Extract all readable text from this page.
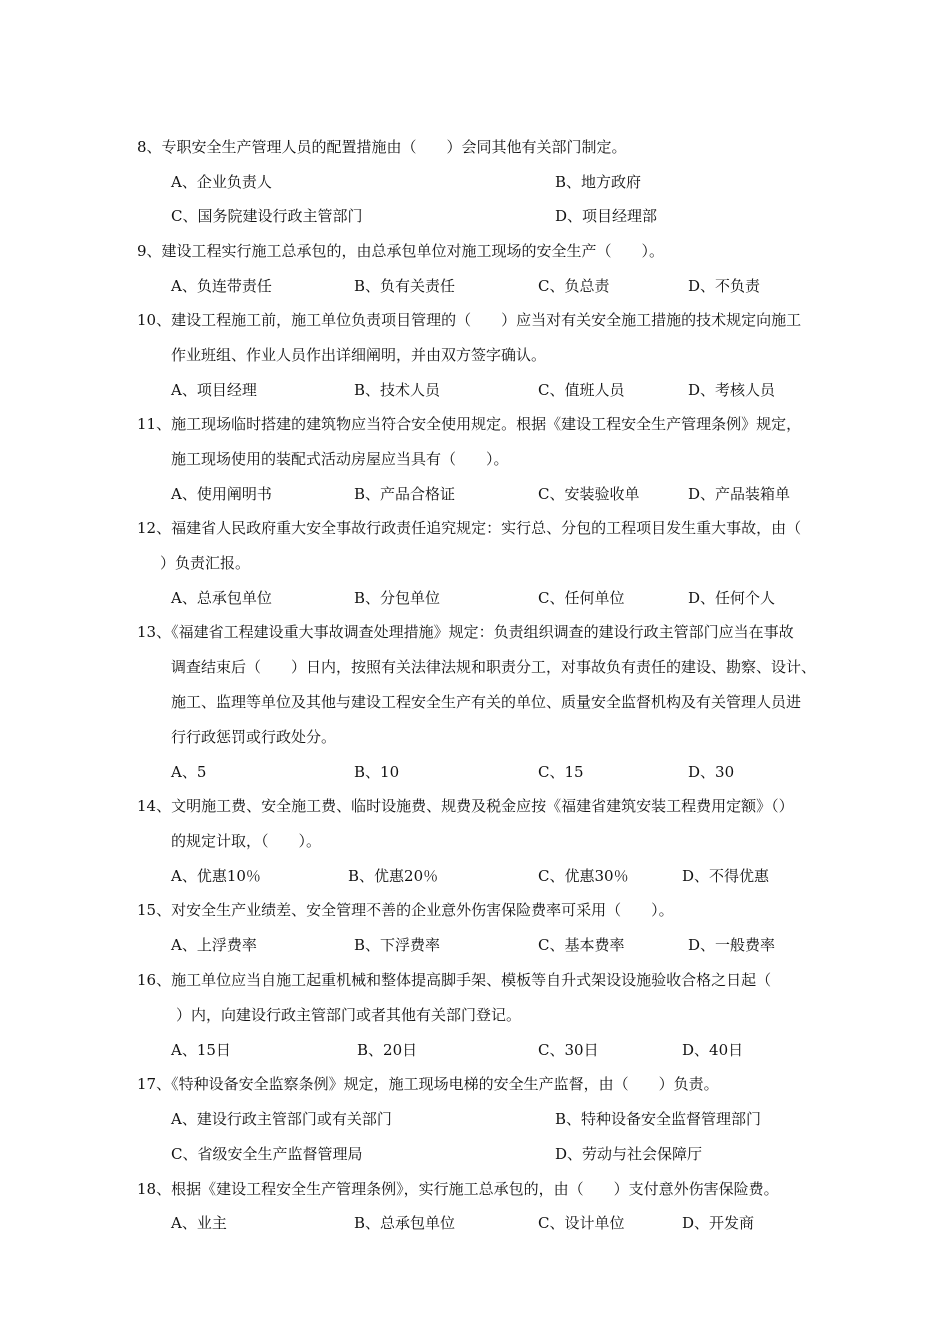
8、专职安全生产管理人员的配置措施由（　　）会同其他有关部门制定。
A、企业负责人	B、地方政府
C、国务院建设行政主管部门	D、项目经理部
9、建设工程实行施工总承包的，由总承包单位对施工现场的安全生产（　　）。
A、负连带责任	B、负有关责任	C、负总责	D、不负责
10、建设工程施工前，施工单位负责项目管理的（　　）应当对有关安全施工措施的技术规定向施工
作业班组、作业人员作出详细阐明，并由双方签字确认。
A、项目经理	B、技术人员	C、值班人员	D、考核人员
11、施工现场临时搭建的建筑物应当符合安全使用规定。根据《建设工程安全生产管理条例》规定，
施工现场使用的装配式活动房屋应当具有（　　）。
A、使用阐明书	B、产品合格证	C、安装验收单	D、产品装箱单
12、福建省人民政府重大安全事故行政责任追究规定：实行总、分包的工程项目发生重大事故，由（
）负责汇报。
A、总承包单位	B、分包单位	C、任何单位	D、任何个人
13、《福建省工程建设重大事故调查处理措施》规定：负责组织调查的建设行政主管部门应当在事故
调查结束后（　　）日内，按照有关法律法规和职责分工，对事故负有责任的建设、勘察、设计、
施工、监理等单位及其他与建设工程安全生产有关的单位、质量安全监督机构及有关管理人员进
行行政惩罚或行政处分。
A、5	B、10	C、15	D、30
14、文明施工费、安全施工费、临时设施费、规费及税金应按《福建省建筑安装工程费用定额》（）
的规定计取，（　　）。
A、优惠10％	B、优惠20％	C、优惠30％	D、不得优惠
15、对安全生产业绩差、安全管理不善的企业意外伤害保险费率可采用（　　）。
A、上浮费率	B、下浮费率	C、基本费率	D、一般费率
16、施工单位应当自施工起重机械和整体提高脚手架、模板等自升式架设设施验收合格之日起（
）内，向建设行政主管部门或者其他有关部门登记。
A、15日	B、20日	C、30日	D、40日
17、《特种设备安全监察条例》规定，施工现场电梯的安全生产监督，由（　　）负责。
A、建设行政主管部门或有关部门	B、特种设备安全监督管理部门
C、省级安全生产监督管理局	D、劳动与社会保障厅
18、根据《建设工程安全生产管理条例》，实行施工总承包的，由（　　）支付意外伤害保险费。
A、业主	B、总承包单位	C、设计单位	D、开发商
